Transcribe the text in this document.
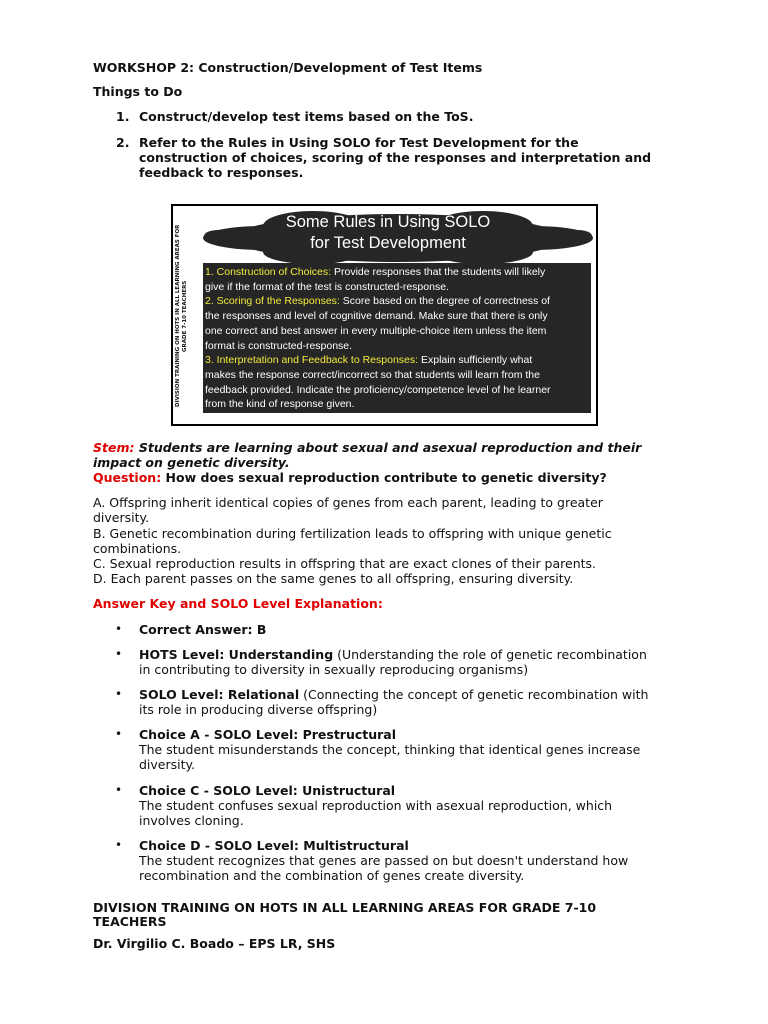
WORKSHOP 2: Construction/Development of Test Items
Things to Do
1. Construct/develop test items based on the ToS.
2. Refer to the Rules in Using SOLO for Test Development for the
construction of choices, scoring of the responses and interpretation and
feedback to responses.
DIVISION TRAINING ON HOTS IN ALL LEARNING AREAS FOR
GRADE 7-10 TEACHERS
Some Rules in Using SOLO
for Test Development
1. Construction of Choices: Provide responses that the students will likely
give if the format of the test is constructed-response.
2. Scoring of the Responses: Score based on the degree of correctness of
the responses and level of cognitive demand. Make sure that there is only
one correct and best answer in every multiple-choice item unless the item
format is constructed-response.
3. Interpretation and Feedback to Responses: Explain sufficiently what
makes the response correct/incorrect so that students will learn from the
feedback provided. Indicate the proficiency/competence level of he learner
from the kind of response given.
Stem: Students are learning about sexual and asexual reproduction and their
impact on genetic diversity.
Question: How does sexual reproduction contribute to genetic diversity?
A. Offspring inherit identical copies of genes from each parent, leading to greater
diversity.
B. Genetic recombination during fertilization leads to offspring with unique genetic
combinations.
C. Sexual reproduction results in offspring that are exact clones of their parents.
D. Each parent passes on the same genes to all offspring, ensuring diversity.
Answer Key and SOLO Level Explanation:
• Correct Answer: B
• HOTS Level: Understanding (Understanding the role of genetic recombination
in contributing to diversity in sexually reproducing organisms)
• SOLO Level: Relational (Connecting the concept of genetic recombination with
its role in producing diverse offspring)
• Choice A - SOLO Level: Prestructural
The student misunderstands the concept, thinking that identical genes increase
diversity.
• Choice C - SOLO Level: Unistructural
The student confuses sexual reproduction with asexual reproduction, which
involves cloning.
• Choice D - SOLO Level: Multistructural
The student recognizes that genes are passed on but doesn't understand how
recombination and the combination of genes create diversity.
DIVISION TRAINING ON HOTS IN ALL LEARNING AREAS FOR GRADE 7-10
TEACHERS
Dr. Virgilio C. Boado – EPS LR, SHS
